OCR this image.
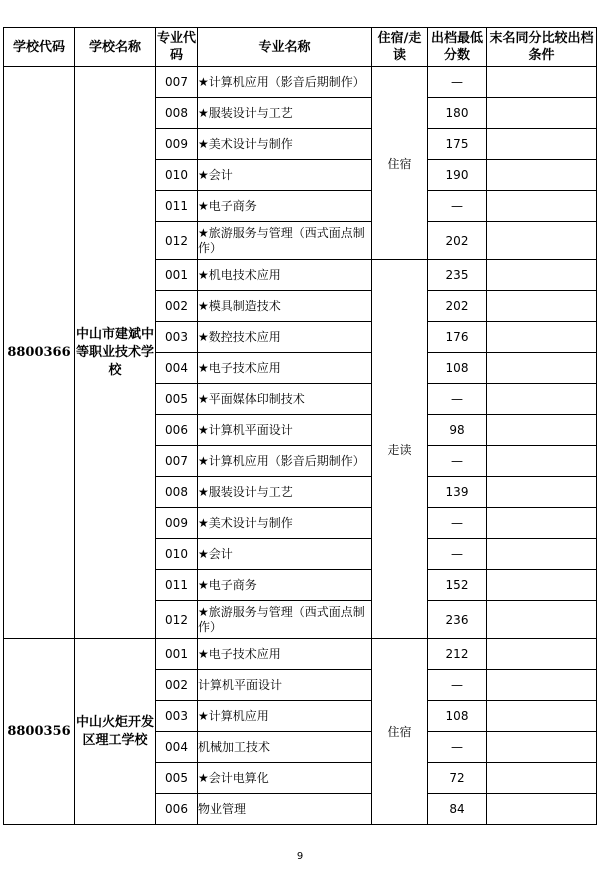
学校代码	学校名称	专业代码	专业名称	住宿/走读	出档最低分数	末名同分比较出档条件
8800366	中山市建斌中等职业技术学校	007	★计算机应用（影音后期制作）	住宿	—	
		008	★服装设计与工艺		180	
		009	★美术设计与制作		175	
		010	★会计		190	
		011	★电子商务		—	
		012	★旅游服务与管理（西式面点制作）		202	
		001	★机电技术应用	走读	235	
		002	★模具制造技术		202	
		003	★数控技术应用		176	
		004	★电子技术应用		108	
		005	★平面媒体印制技术		—	
		006	★计算机平面设计		98	
		007	★计算机应用（影音后期制作）		—	
		008	★服装设计与工艺		139	
		009	★美术设计与制作		—	
		010	★会计		—	
		011	★电子商务		152	
		012	★旅游服务与管理（西式面点制作）		236	
8800356	中山火炬开发区理工学校	001	★电子技术应用	住宿	212	
		002	计算机平面设计		—	
		003	★计算机应用		108	
		004	机械加工技术		—	
		005	★会计电算化		72	
		006	物业管理		84	
9
